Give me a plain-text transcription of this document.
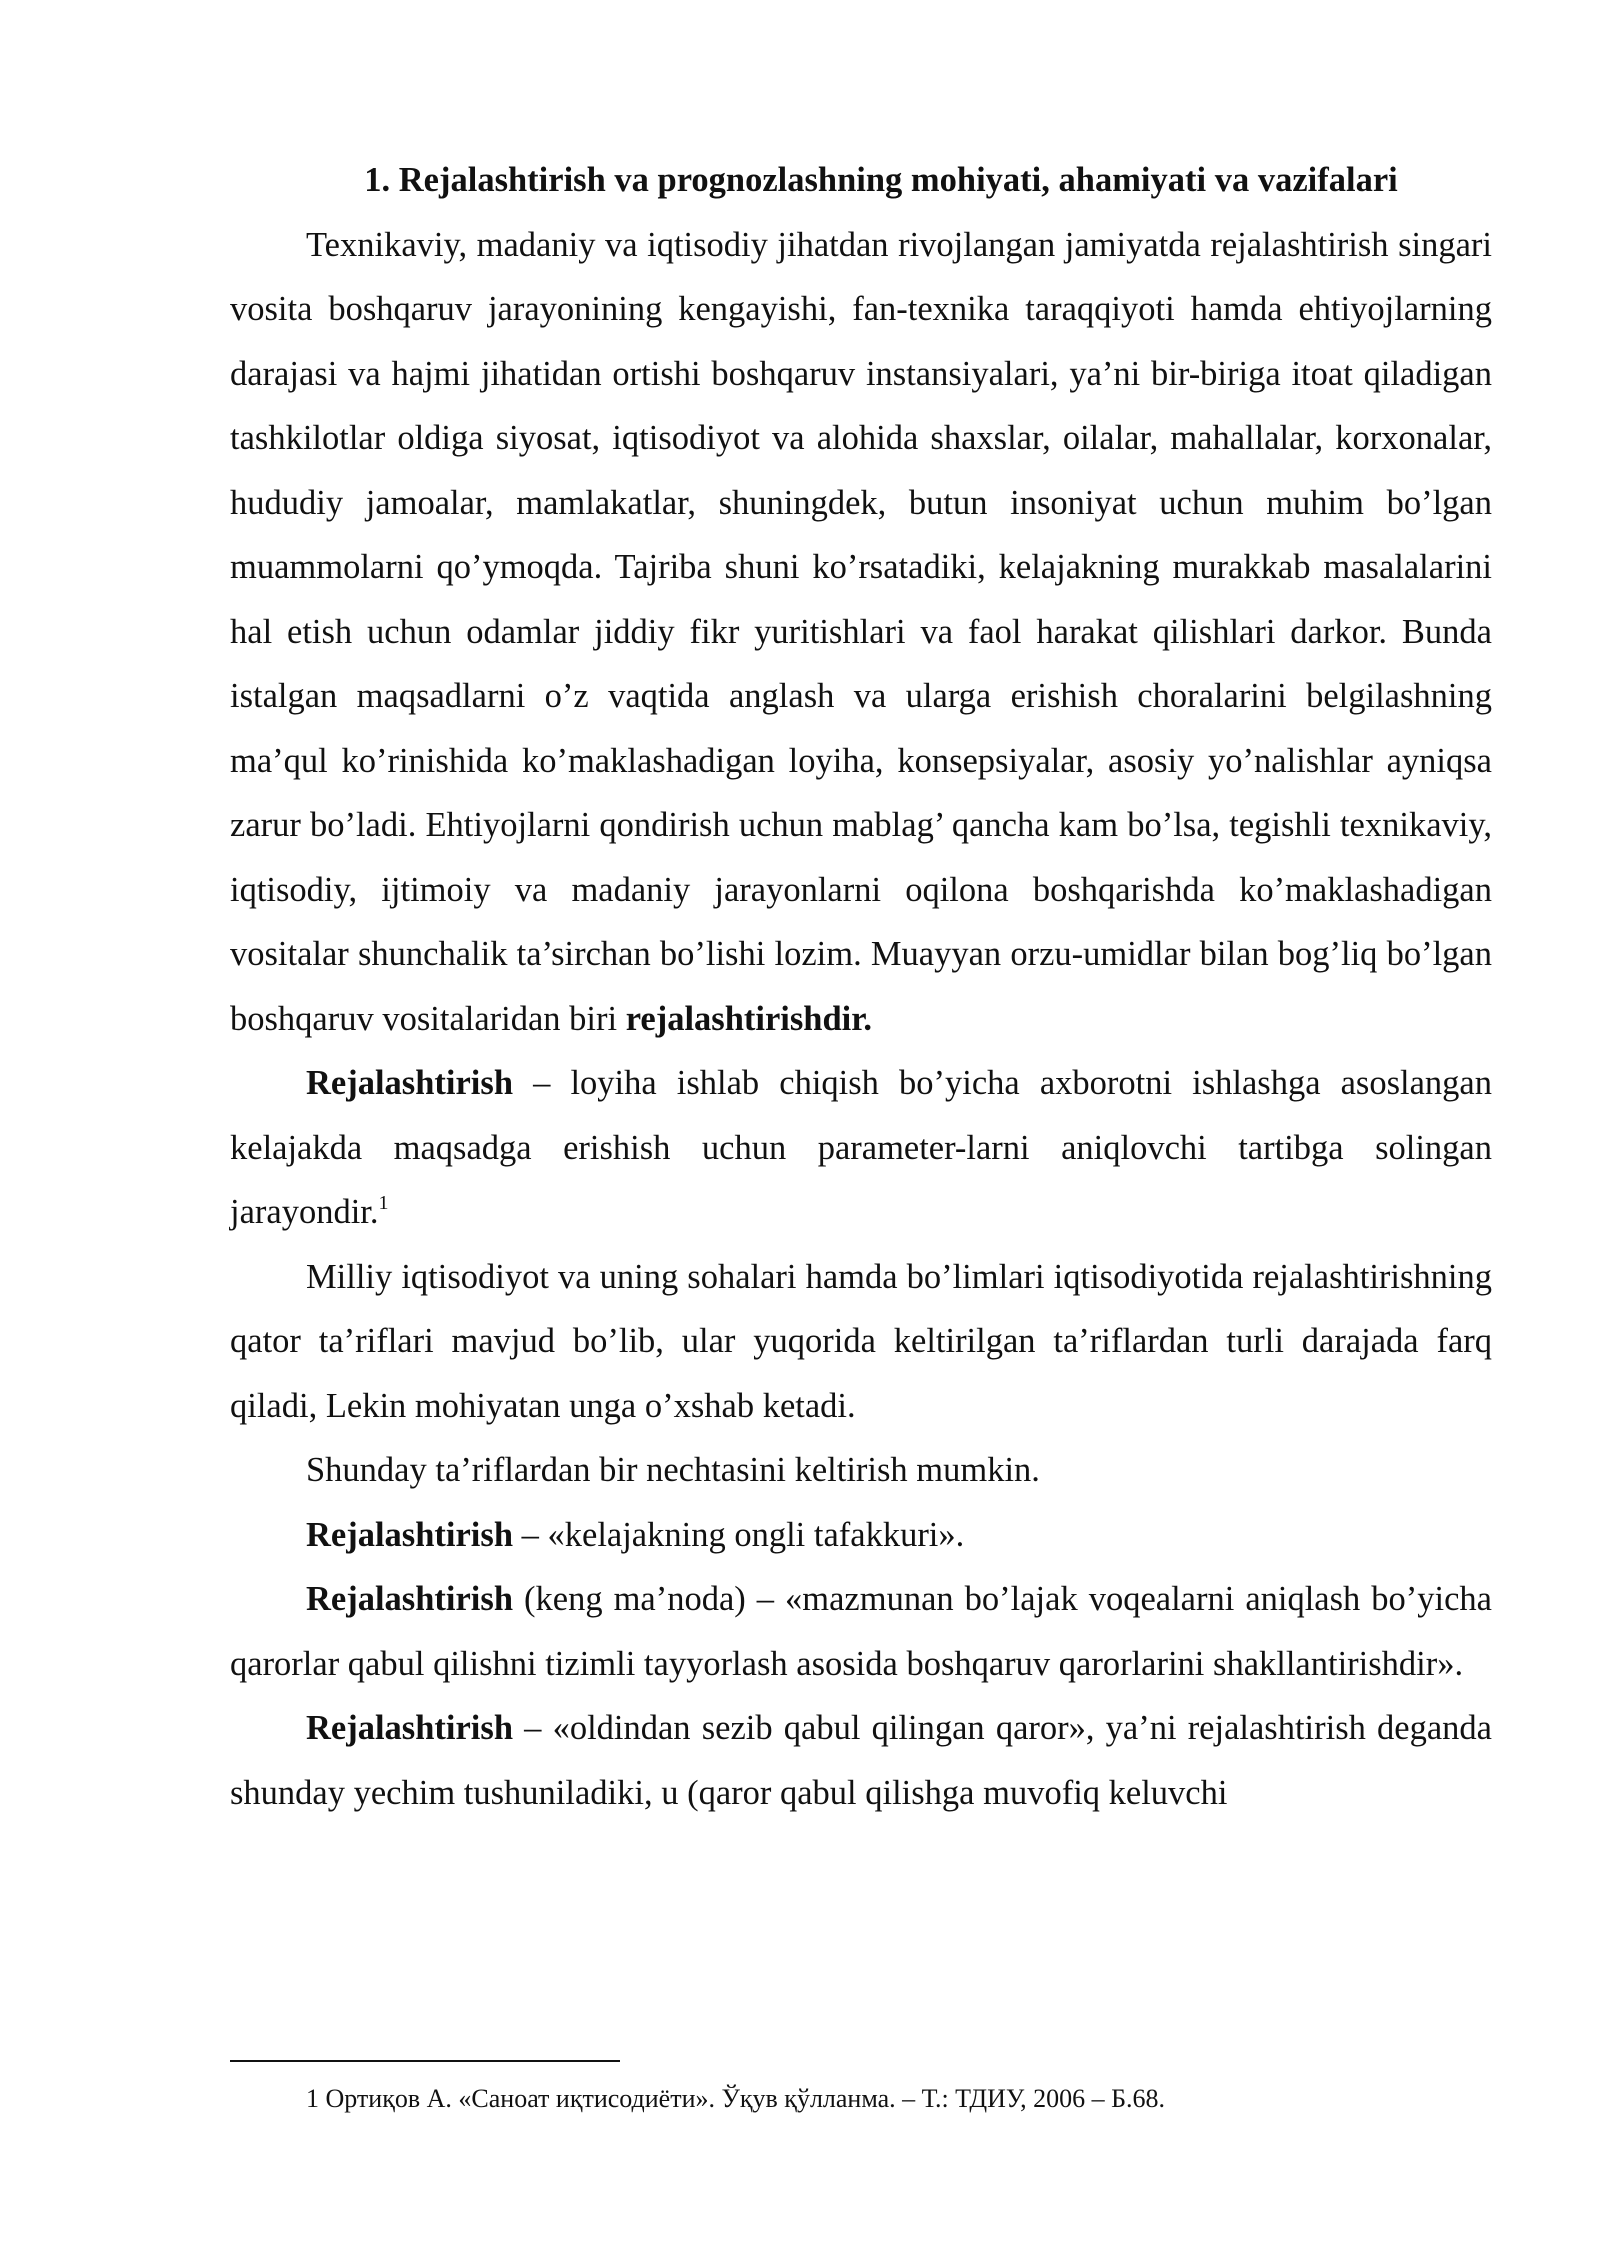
1. Rejalashtirish va prognozlashning mohiyati, ahamiyati va vazifalari

Texnikaviy, madaniy va iqtisodiy jihatdan rivojlangan jamiyatda rejalashtirish singari vosita boshqaruv jarayonining kengayishi, fan-texnika taraqqiyoti hamda ehtiyojlarning darajasi va hajmi jihatidan ortishi boshqaruv instansiyalari, ya’ni bir-biriga itoat qiladigan tashkilotlar oldiga siyosat, iqtisodiyot va alohida shaxslar, oilalar, mahallalar, korxonalar, hududiy jamoalar, mamlakatlar, shuningdek, butun insoniyat uchun muhim bo’lgan muammolarni qo’ymoqda. Tajriba shuni ko’rsatadiki, kelajakning murakkab masalalarini hal etish uchun odamlar jiddiy fikr yuritishlari va faol harakat qilishlari darkor. Bunda istalgan maqsadlarni o’z vaqtida anglash va ularga erishish choralarini belgilashning ma’qul ko’rinishida ko’maklashadigan loyiha, konsepsiyalar, asosiy yo’nalishlar ayniqsa zarur bo’ladi. Ehtiyojlarni qondirish uchun mablag’ qancha kam bo’lsa, tegishli texnikaviy, iqtisodiy, ijtimoiy va madaniy jarayonlarni oqilona boshqarishda ko’maklashadigan vositalar shunchalik ta’sirchan bo’lishi lozim. Muayyan orzu-umidlar bilan bog’liq bo’lgan boshqaruv vositalaridan biri rejalashtirishdir.

Rejalashtirish – loyiha ishlab chiqish bo’yicha axborotni ishlashga asoslangan kelajakda maqsadga erishish uchun parameter-larni aniqlovchi tartibga solingan jarayondir.$^1$

Milliy iqtisodiyot va uning sohalari hamda bo’limlari iqtisodiyotida rejalashtirishning qator ta’riflari mavjud bo’lib, ular yuqorida keltirilgan ta’riflardan turli darajada farq qiladi, Lekin mohiyatan unga o’xshab ketadi.

Shunday ta’riflardan bir nechtasini keltirish mumkin.

Rejalashtirish – «kelajakning ongli tafakkuri».

Rejalashtirish (keng ma’noda) – «mazmunan bo’lajak voqealarni aniqlash bo’yicha qarorlar qabul qilishni tizimli tayyorlash asosida boshqaruv qarorlarini shakllantirishdir».

Rejalashtirish – «oldindan sezib qabul qilingan qaror», ya’ni rejalashtirish deganda shunday yechim tushuniladiki, u (qaror qabul qilishga muvofiq keluvchi

1 Ортиқов А. «Саноат иқтисодиёти». Ўқув қўлланма. – Т.: ТДИУ, 2006 – Б.68.
